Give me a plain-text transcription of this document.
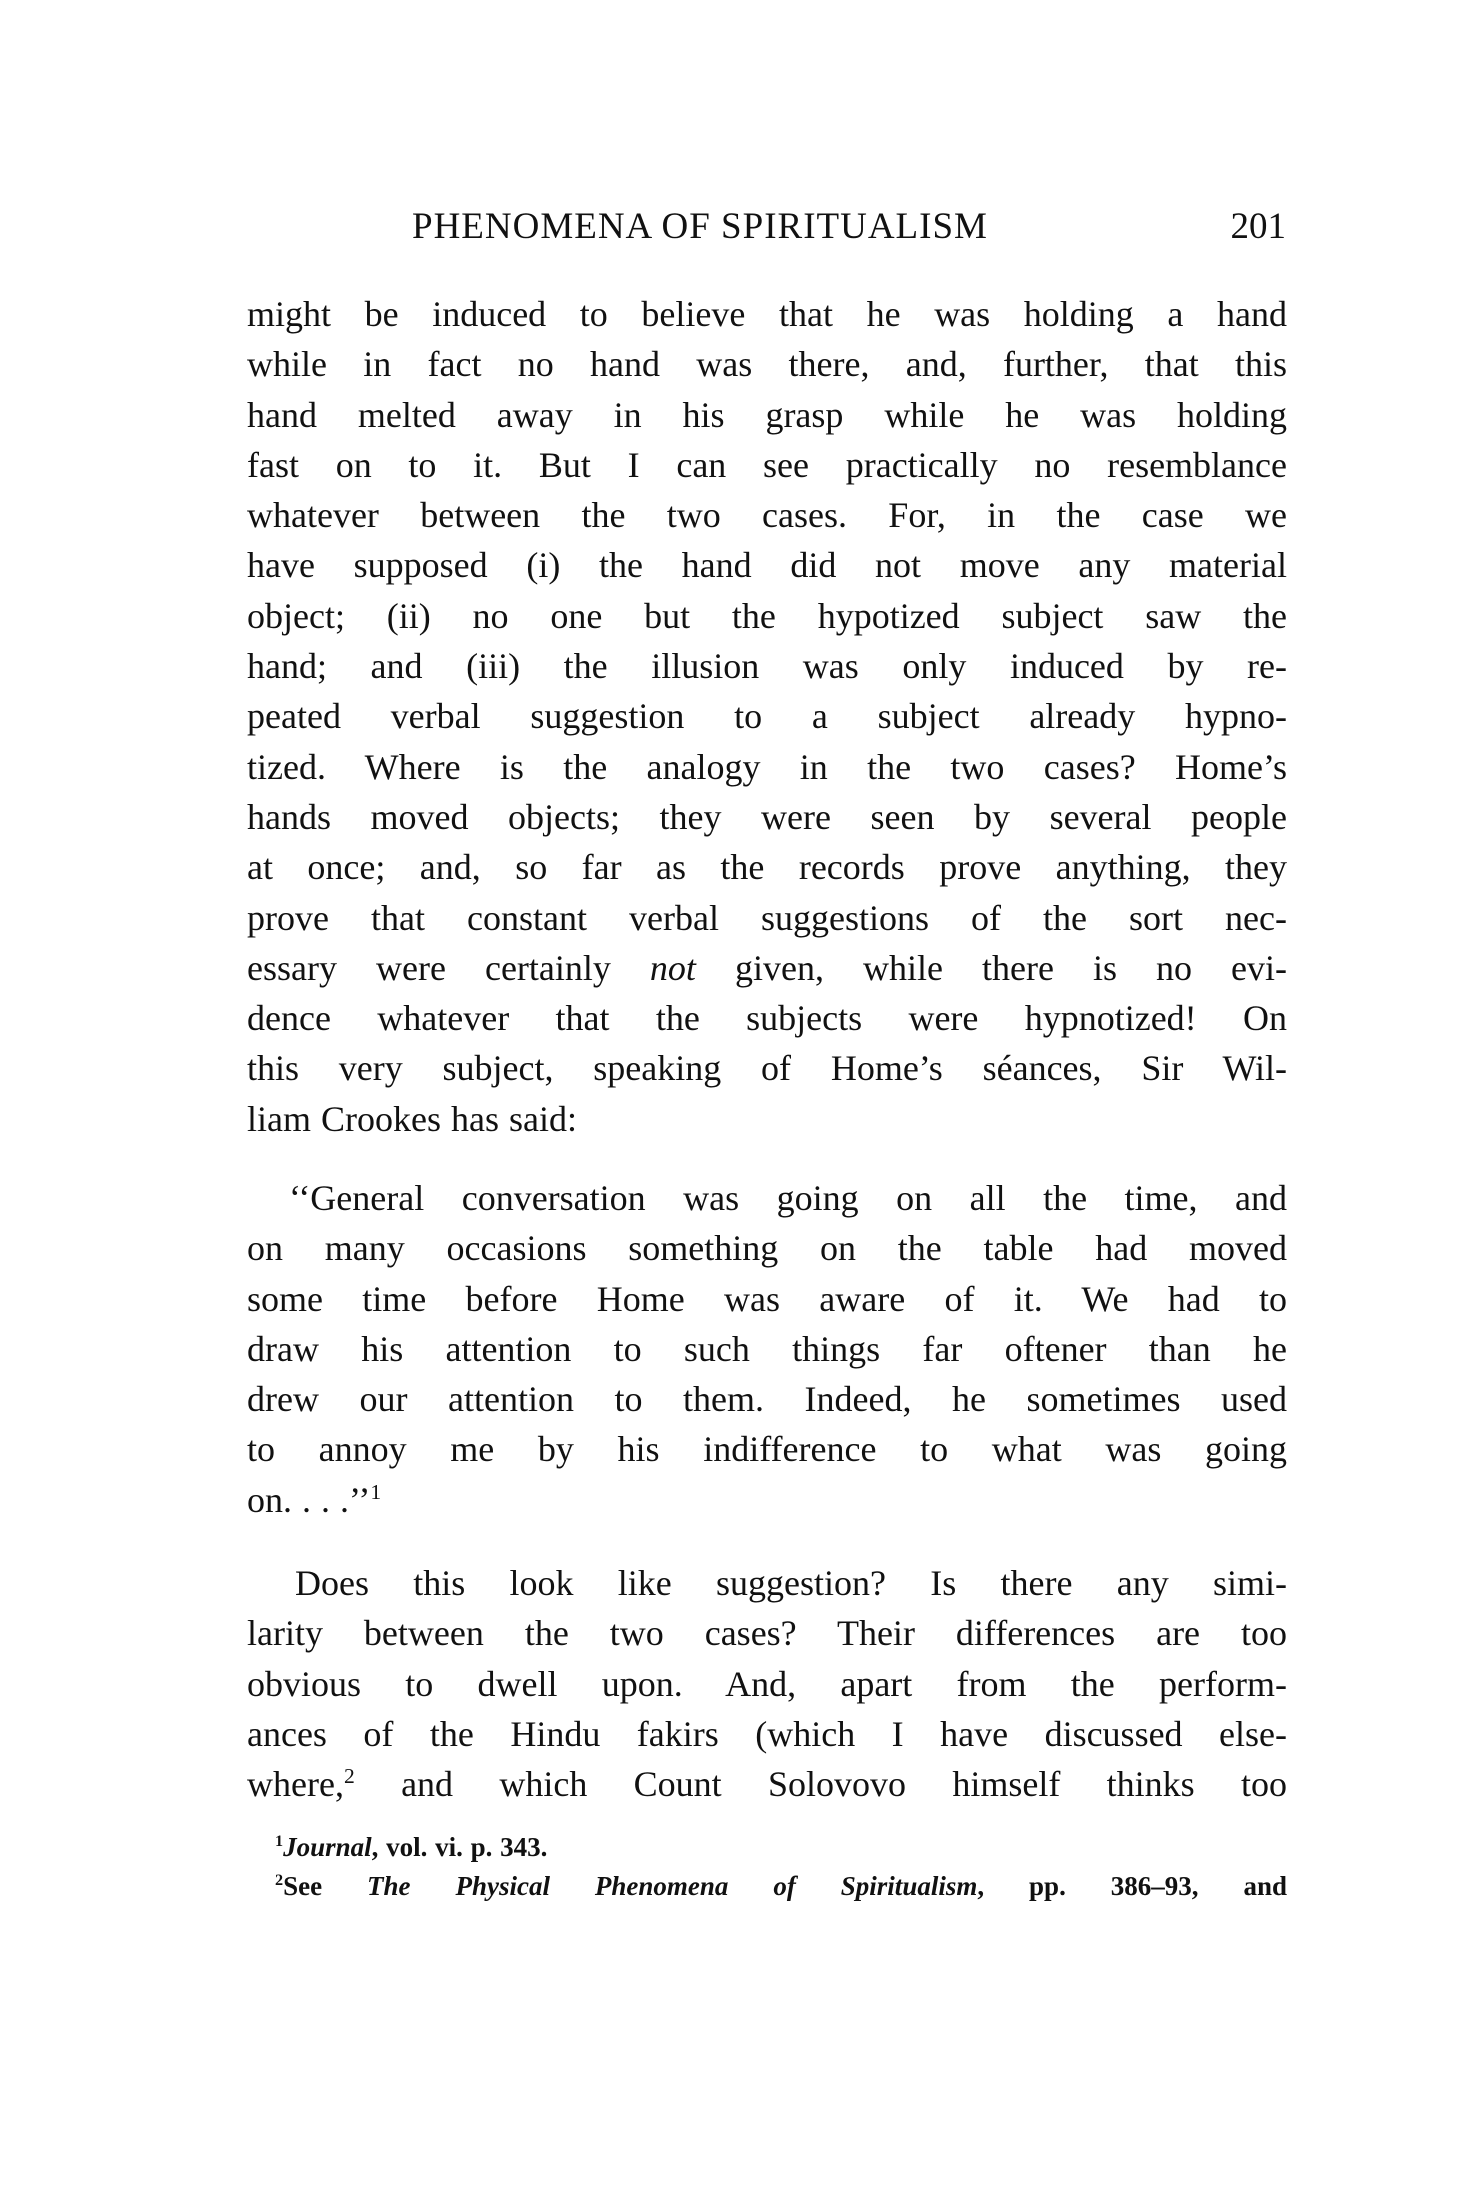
PHENOMENA OF SPIRITUALISM	201
might be induced to believe that he was holding a hand
while in fact no hand was there, and, further, that this
hand melted away in his grasp while he was holding
fast on to it. But I can see practically no resemblance
whatever between the two cases. For, in the case we
have supposed (i) the hand did not move any material
object; (ii) no one but the hypotized subject saw the
hand; and (iii) the illusion was only induced by re-
peated verbal suggestion to a subject already hypno-
tized. Where is the analogy in the two cases? Home’s
hands moved objects; they were seen by several people
at once; and, so far as the records prove anything, they
prove that constant verbal suggestions of the sort nec-
essary were certainly not given, while there is no evi-
dence whatever that the subjects were hypnotized! On
this very subject, speaking of Home’s séances, Sir Wil-
liam Crookes has said:
‘‘General conversation was going on all the time, and
on many occasions something on the table had moved
some time before Home was aware of it. We had to
draw his attention to such things far oftener than he
drew our attention to them. Indeed, he sometimes used
to annoy me by his indifference to what was going
on. . . .’’$^1$
Does this look like suggestion? Is there any simi-
larity between the two cases? Their differences are too
obvious to dwell upon. And, apart from the perform-
ances of the Hindu fakirs (which I have discussed else-
where,$^2$ and which Count Solovovo himself thinks too
$^1$Journal, vol. vi. p. 343.
$^2$See The Physical Phenomena of Spiritualism, pp. 386–93, and
